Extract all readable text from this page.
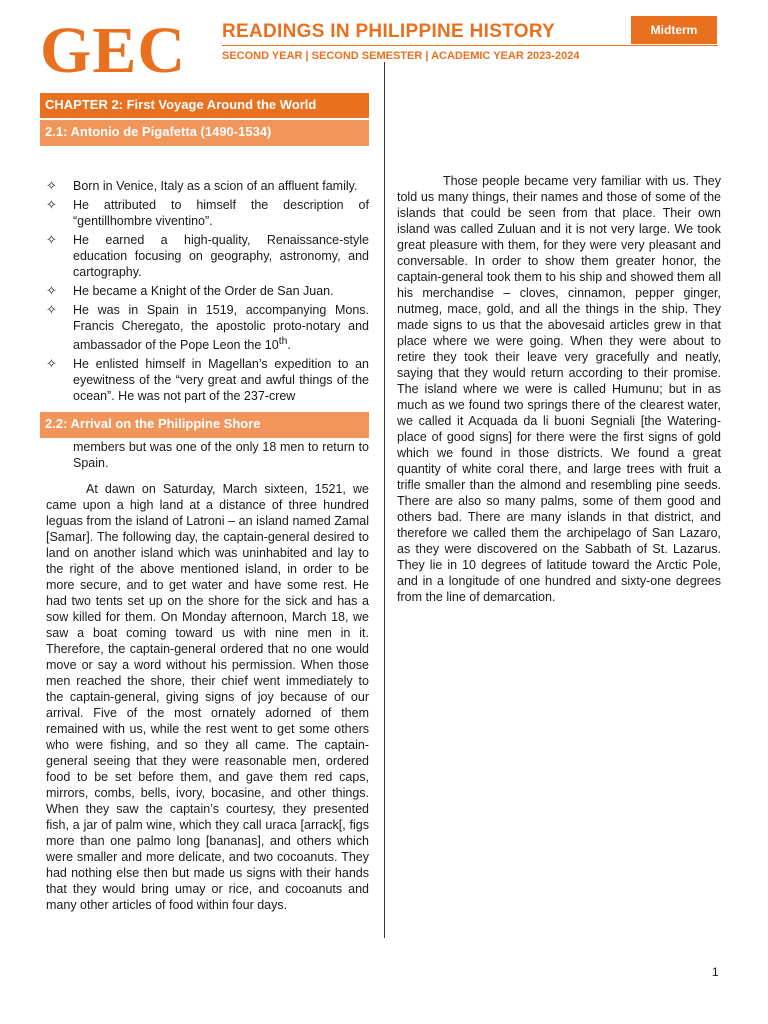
GEC READINGS IN PHILIPPINE HISTORY
SECOND YEAR | SECOND SEMESTER | ACADEMIC YEAR 2023-2024
Midterm
CHAPTER 2: First Voyage Around the World
2.1: Antonio de Pigafetta (1490-1534)
✧ Born in Venice, Italy as a scion of an affluent family.
✧ He attributed to himself the description of “gentillhombre viventino”.
✧ He earned a high-quality, Renaissance-style education focusing on geography, astronomy, and cartography.
✧ He became a Knight of the Order de San Juan.
✧ He was in Spain in 1519, accompanying Mons. Francis Cheregato, the apostolic proto-notary and ambassador of the Pope Leon the 10th.
✧ He enlisted himself in Magellan’s expedition to an eyewitness of the “very great and awful things of the ocean”. He was not part of the 237-crew
2.2: Arrival on the Philippine Shore
members but was one of the only 18 men to return to Spain.

At dawn on Saturday, March sixteen, 1521, we came upon a high land at a distance of three hundred leguas from the island of Latroni – an island named Zamal [Samar]. The following day, the captain-general desired to land on another island which was uninhabited and lay to the right of the above mentioned island, in order to be more secure, and to get water and have some rest. He had two tents set up on the shore for the sick and has a sow killed for them. On Monday afternoon, March 18, we saw a boat coming toward us with nine men in it. Therefore, the captain-general ordered that no one would move or say a word without his permission. When those men reached the shore, their chief went immediately to the captain-general, giving signs of joy because of our arrival. Five of the most ornately adorned of them remained with us, while the rest went to get some others who were fishing, and so they all came. The captain-general seeing that they were reasonable men, ordered food to be set before them, and gave them red caps, mirrors, combs, bells, ivory, bocasine, and other things. When they saw the captain’s courtesy, they presented fish, a jar of palm wine, which they call uraca [arrack[, figs more than one palmo long [bananas], and others which were smaller and more delicate, and two cocoanuts. They had nothing else then but made us signs with their hands that they would bring umay or rice, and cocoanuts and many other articles of food within four days.

Those people became very familiar with us. They told us many things, their names and those of some of the islands that could be seen from that place. Their own island was called Zuluan and it is not very large. We took great pleasure with them, for they were very pleasant and conversable. In order to show them greater honor, the captain-general took them to his ship and showed them all his merchandise – cloves, cinnamon, pepper ginger, nutmeg, mace, gold, and all the things in the ship. They made signs to us that the abovesaid articles grew in that place where we were going. When they were about to retire they took their leave very gracefully and neatly, saying that they would return according to their promise. The island where we were is called Humunu; but in as much as we found two springs there of the clearest water, we called it Acquada da li buoni Segniali [the Watering-place of good signs] for there were the first signs of gold which we found in those districts. We found a great quantity of white coral there, and large trees with fruit a trifle smaller than the almond and resembling pine seeds. There are also so many palms, some of them good and others bad. There are many islands in that district, and therefore we called them the archipelago of San Lazaro, as they were discovered on the Sabbath of St. Lazarus. They lie in 10 degrees of latitude toward the Arctic Pole, and in a longitude of one hundred and sixty-one degrees from the line of demarcation.

1
